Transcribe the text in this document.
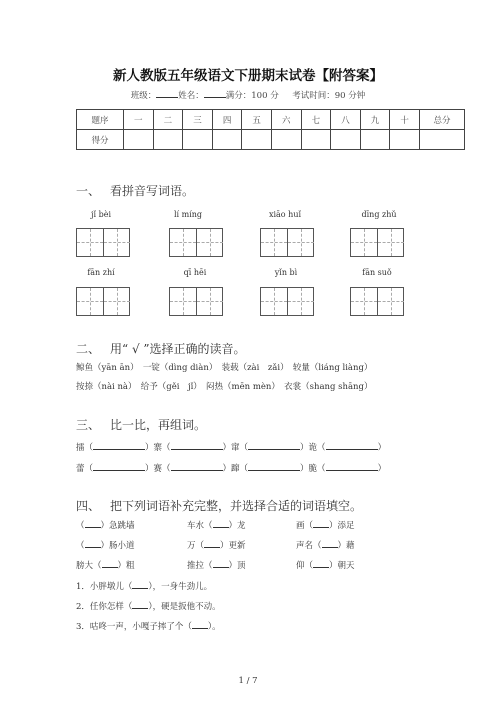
新人教版五年级语文下册期末试卷【附答案】
班级：	姓名：	满分：100 分 考试时间：90 分钟
题序	一	二	三	四	五	六	七	八	九	十	总分
得分											
一、 看拼音写词语。
jǐ bèi	lí míng	xiāo huǐ	dīng zhǔ
fān zhí	qī hēi	yǐn bì	fān suǒ
二、 用“ √ ”选择正确的读音。
鲸鱼（yān ān）　一锭（dìng diàn）　装载（zài　zǎi）　较量（liáng liàng）
按捺（nài nà）　给予（gěi　jǐ）　闷热（mēn mèn）　衣裳（shang shāng）
三、 比一比，再组词。
擂（	）寨（	）窜（	）诡（	）
蕾（	）赛（	）蹿（	）脆（	）
四、 把下列词语补充完整，并选择合适的词语填空。
（ ）急跳墙	车水（ ）龙	画（ ）添足
（ ）肠小道	万（ ）更新	声名（ ）藉
膀大（ ）粗	推拉（ ）顶	仰（ ）朝天
1．小胖墩儿（ ），一身牛劲儿。
2．任你怎样（ ），硬是扳他不动。
3．咕咚一声，小嘎子摔了个（ ）。
1 / 7
